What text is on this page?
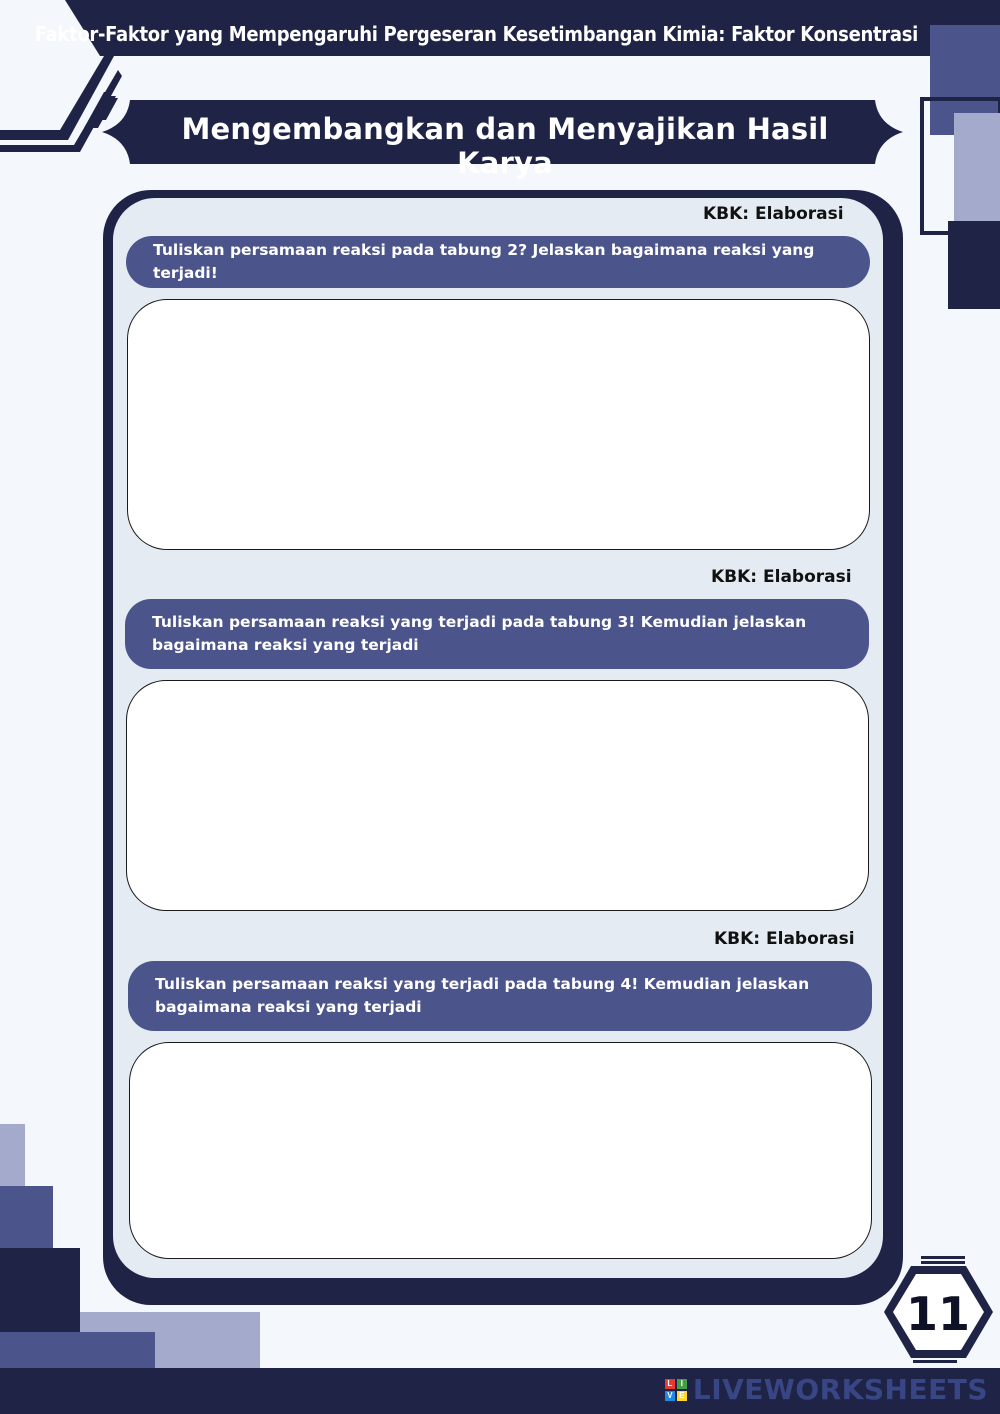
Faktor-Faktor yang Mempengaruhi Pergeseran Kesetimbangan Kimia: Faktor Konsentrasi
Mengembangkan dan Menyajikan Hasil Karya
KBK: Elaborasi
Tuliskan persamaan reaksi pada tabung 2? Jelaskan bagaimana reaksi yang terjadi!
KBK: Elaborasi
Tuliskan persamaan reaksi yang terjadi pada tabung 3! Kemudian jelaskan bagaimana reaksi yang terjadi
KBK: Elaborasi
Tuliskan persamaan reaksi yang terjadi pada tabung 4! Kemudian jelaskan bagaimana reaksi yang terjadi
11
L	I
V E LIVEWORKSHEETS
